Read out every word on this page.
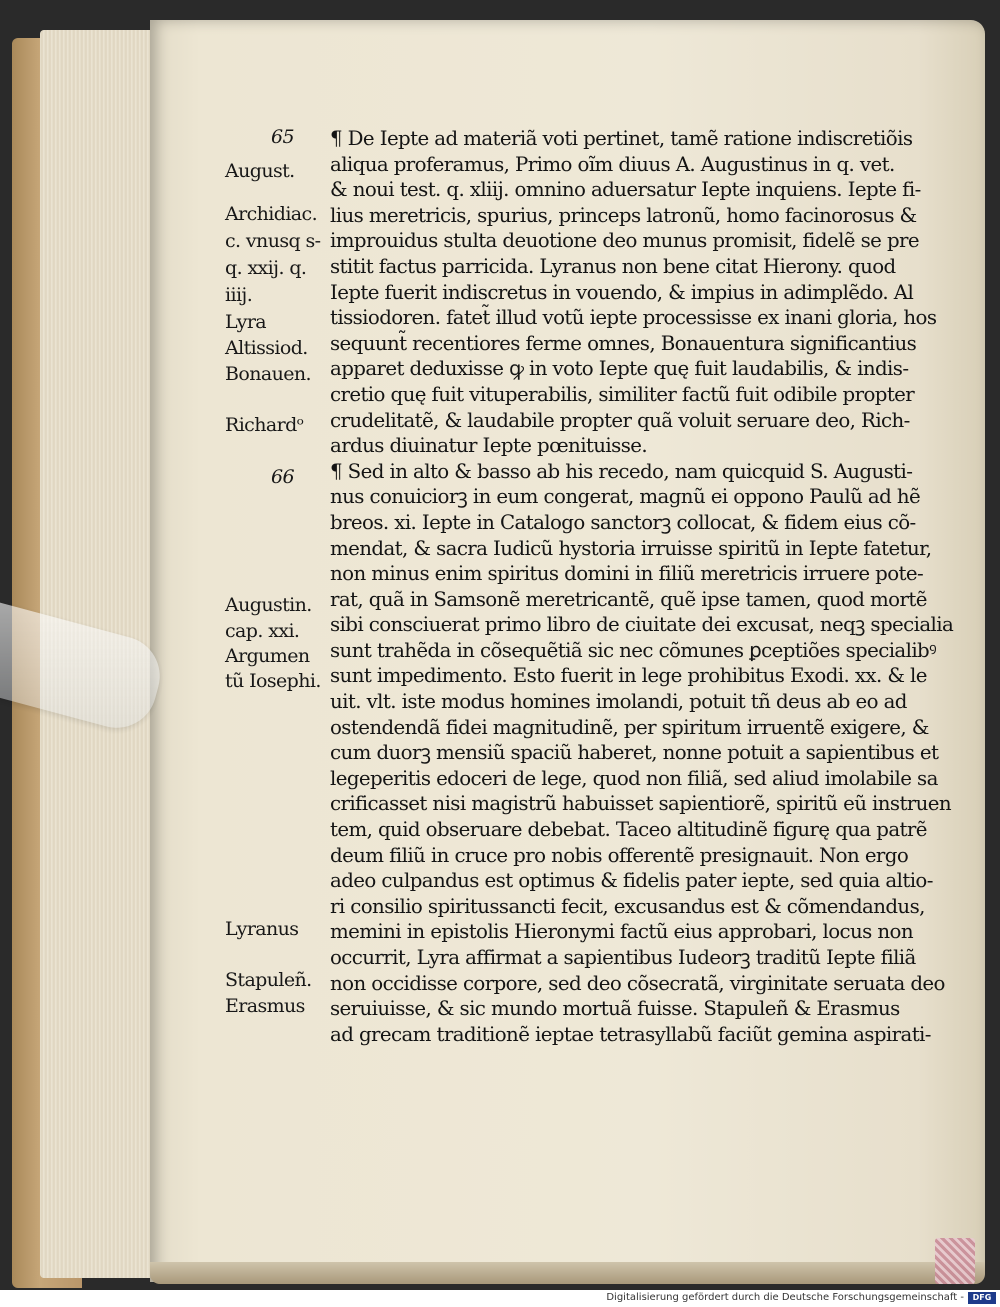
65
August.
Archidiac.
c. vnusq s-
q. xxij. q.
iiij.
Lyra
Altissiod.
Bonauen.
Richardᵒ
66
Augustin.
cap. xxi.
Argumen
tũ Iosephi.
Lyranus
Stapuleñ.
Erasmus
¶ De Iepte ad materiã voti pertinet, tamẽ ratione indiscretiõis
aliqua proferamus, Primo oĩm diuus A. Augustinus in q. vet.
& noui test. q. xliij. omnino aduersatur Iepte inquiens. Iepte fi-
lius meretricis, spurius, princeps latronũ, homo facinorosus &
improuidus stulta deuotione deo munus promisit, fidelẽ se pre
stitit factus parricida. Lyranus non bene citat Hierony. quod
Iepte fuerit indiscretus in vouendo, & impius in adimplẽdo. Al
tissiodoren. fatet̃ illud votũ iepte processisse ex inani gloria, hos
sequunt̃ recentiores ferme omnes, Bonauentura significantius
apparet deduxisse ꝙ in voto Iepte quę fuit laudabilis, & indis-
cretio quę fuit vituperabilis, similiter factũ fuit odibile propter
crudelitatẽ, & laudabile propter quã voluit seruare deo, Rich-
ardus diuinatur Iepte pœnituisse.
¶ Sed in alto & basso ab his recedo, nam quicquid S. Augusti-
nus conuiciorꝫ in eum congerat, magnũ ei oppono Paulũ ad hẽ
breos. xi. Iepte in Catalogo sanctorꝫ collocat, & fidem eius cõ-
mendat, & sacra Iudicũ hystoria irruisse spiritũ in Iepte fatetur,
non minus enim spiritus domini in filiũ meretricis irruere pote-
rat, quã in Samsonẽ meretricantẽ, quẽ ipse tamen, quod mortẽ
sibi consciuerat primo libro de ciuitate dei excusat, neqꝫ specialia
sunt trahẽda in cõsequẽtiã sic nec cõmunes ꝑceptiões specialibꝰ
sunt impedimento. Esto fuerit in lege prohibitus Exodi. xx. & le
uit. vlt. iste modus homines imolandi, potuit tñ deus ab eo ad
ostendendã fidei magnitudinẽ, per spiritum irruentẽ exigere, &
cum duorꝫ mensiũ spaciũ haberet, nonne potuit a sapientibus et
legeperitis edoceri de lege, quod non filiã, sed aliud imolabile sa
crificasset nisi magistrũ habuisset sapientiorẽ, spiritũ eũ instruen
tem, quid obseruare debebat. Taceo altitudinẽ figurę qua patrẽ
deum filiũ in cruce pro nobis offerentẽ presignauit. Non ergo
adeo culpandus est optimus & fidelis pater iepte, sed quia altio-
ri consilio spiritussancti fecit, excusandus est & cõmendandus,
memini in epistolis Hieronymi factũ eius approbari, locus non
occurrit, Lyra affirmat a sapientibus Iudeorꝫ traditũ Iepte filiã
non occidisse corpore, sed deo cõsecratã, virginitate seruata deo
seruiuisse, & sic mundo mortuã fuisse. Stapuleñ & Erasmus
ad grecam traditionẽ ieptae tetrasyllabũ faciũt gemina aspirati-
Digitalisierung gefördert durch die Deutsche Forschungsgemeinschaft -	DFG
